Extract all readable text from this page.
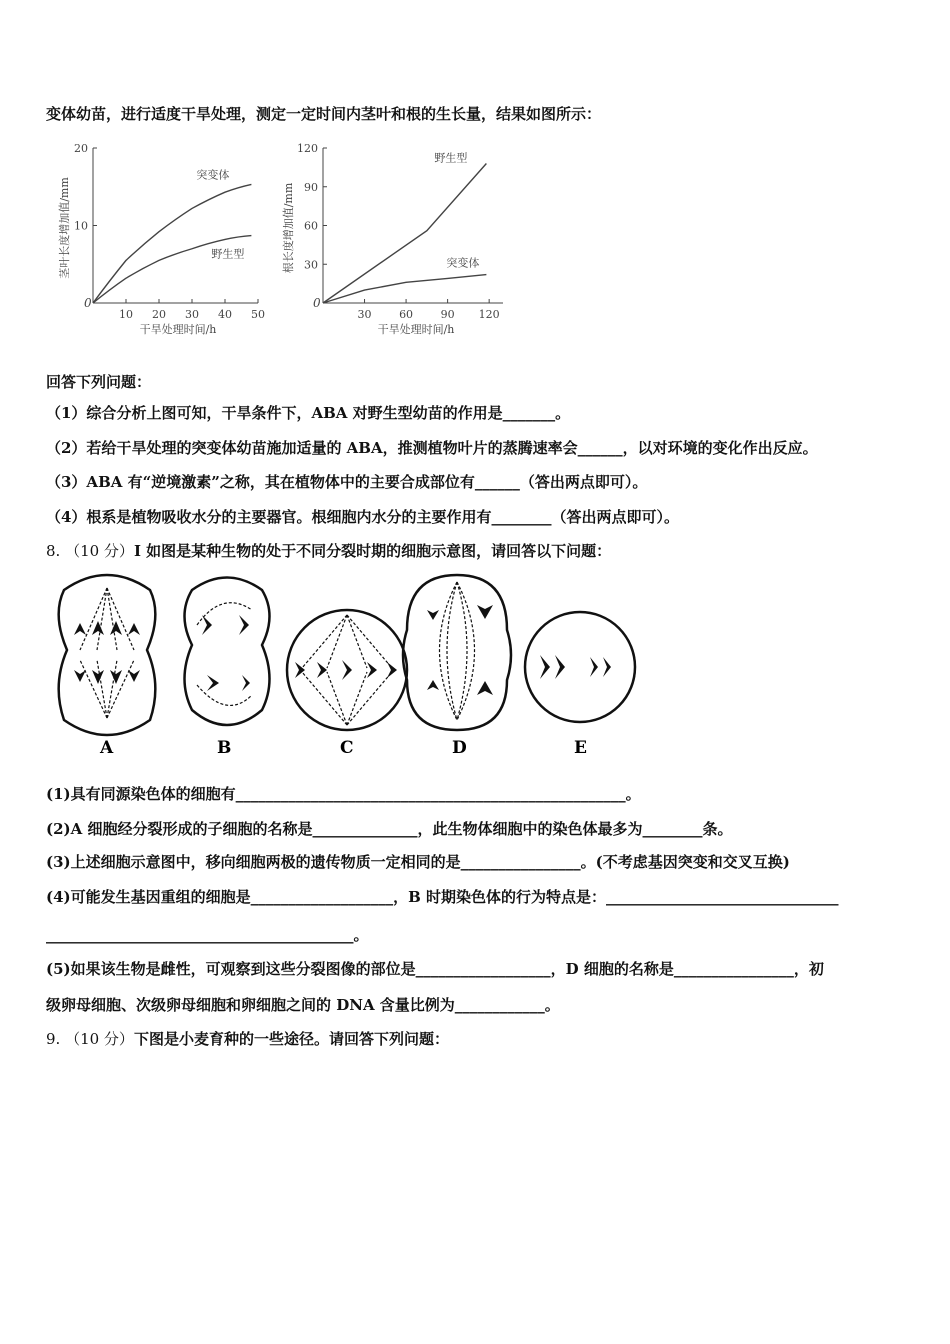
变体幼苗，进行适度干旱处理，测定一定时间内茎叶和根的生长量，结果如图所示：
茎叶长度增加值/mm
干旱处理时间/h
0
10 20 30 40 50
20
10
突变体
野生型	根长度增加值/mm
干旱处理时间/h
0
30	60	90 120
120
90
60
30
野生型
突变体
回答下列问题：
（1）综合分析上图可知，干旱条件下，ABA 对野生型幼苗的作用是_______。
（2）若给干旱处理的突变体幼苗施加适量的 ABA，推测植物叶片的蒸腾速率会______，以对环境的变化作出反应。
（3）ABA 有“逆境激素”之称，其在植物体中的主要合成部位有______（答出两点即可）。
（4）根系是植物吸收水分的主要器官。根细胞内水分的主要作用有________（答出两点即可）。
8. （10 分）I 如图是某种生物的处于不同分裂时期的细胞示意图，请回答以下问题：
A	B	C	D	E
(1)具有同源染色体的细胞有____________________________________________________。
(2)A 细胞经分裂形成的子细胞的名称是______________，此生物体细胞中的染色体最多为________条。
(3)上述细胞示意图中，移向细胞两极的遗传物质一定相同的是________________。(不考虑基因突变和交叉互换)
(4)可能发生基因重组的细胞是___________________，B 时期染色体的行为特点是：_______________________________
_________________________________________。
(5)如果该生物是雌性，可观察到这些分裂图像的部位是__________________，D 细胞的名称是________________，初
级卵母细胞、次级卵母细胞和卵细胞之间的 DNA 含量比例为____________。
9. （10 分）下图是小麦育种的一些途径。请回答下列问题：
